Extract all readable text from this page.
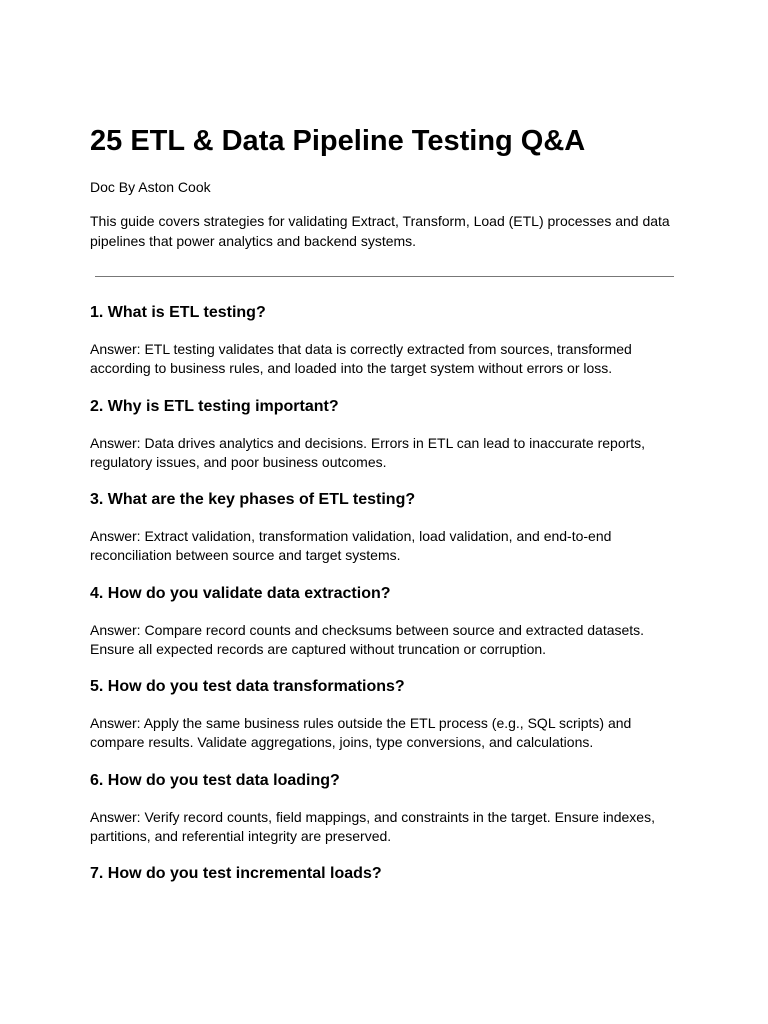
25 ETL & Data Pipeline Testing Q&A

Doc By Aston Cook

This guide covers strategies for validating Extract, Transform, Load (ETL) processes and data pipelines that power analytics and backend systems.

1. What is ETL testing?

Answer: ETL testing validates that data is correctly extracted from sources, transformed according to business rules, and loaded into the target system without errors or loss.

2. Why is ETL testing important?

Answer: Data drives analytics and decisions. Errors in ETL can lead to inaccurate reports, regulatory issues, and poor business outcomes.

3. What are the key phases of ETL testing?

Answer: Extract validation, transformation validation, load validation, and end-to-end reconciliation between source and target systems.

4. How do you validate data extraction?

Answer: Compare record counts and checksums between source and extracted datasets. Ensure all expected records are captured without truncation or corruption.

5. How do you test data transformations?

Answer: Apply the same business rules outside the ETL process (e.g., SQL scripts) and compare results. Validate aggregations, joins, type conversions, and calculations.

6. How do you test data loading?

Answer: Verify record counts, field mappings, and constraints in the target. Ensure indexes, partitions, and referential integrity are preserved.

7. How do you test incremental loads?
